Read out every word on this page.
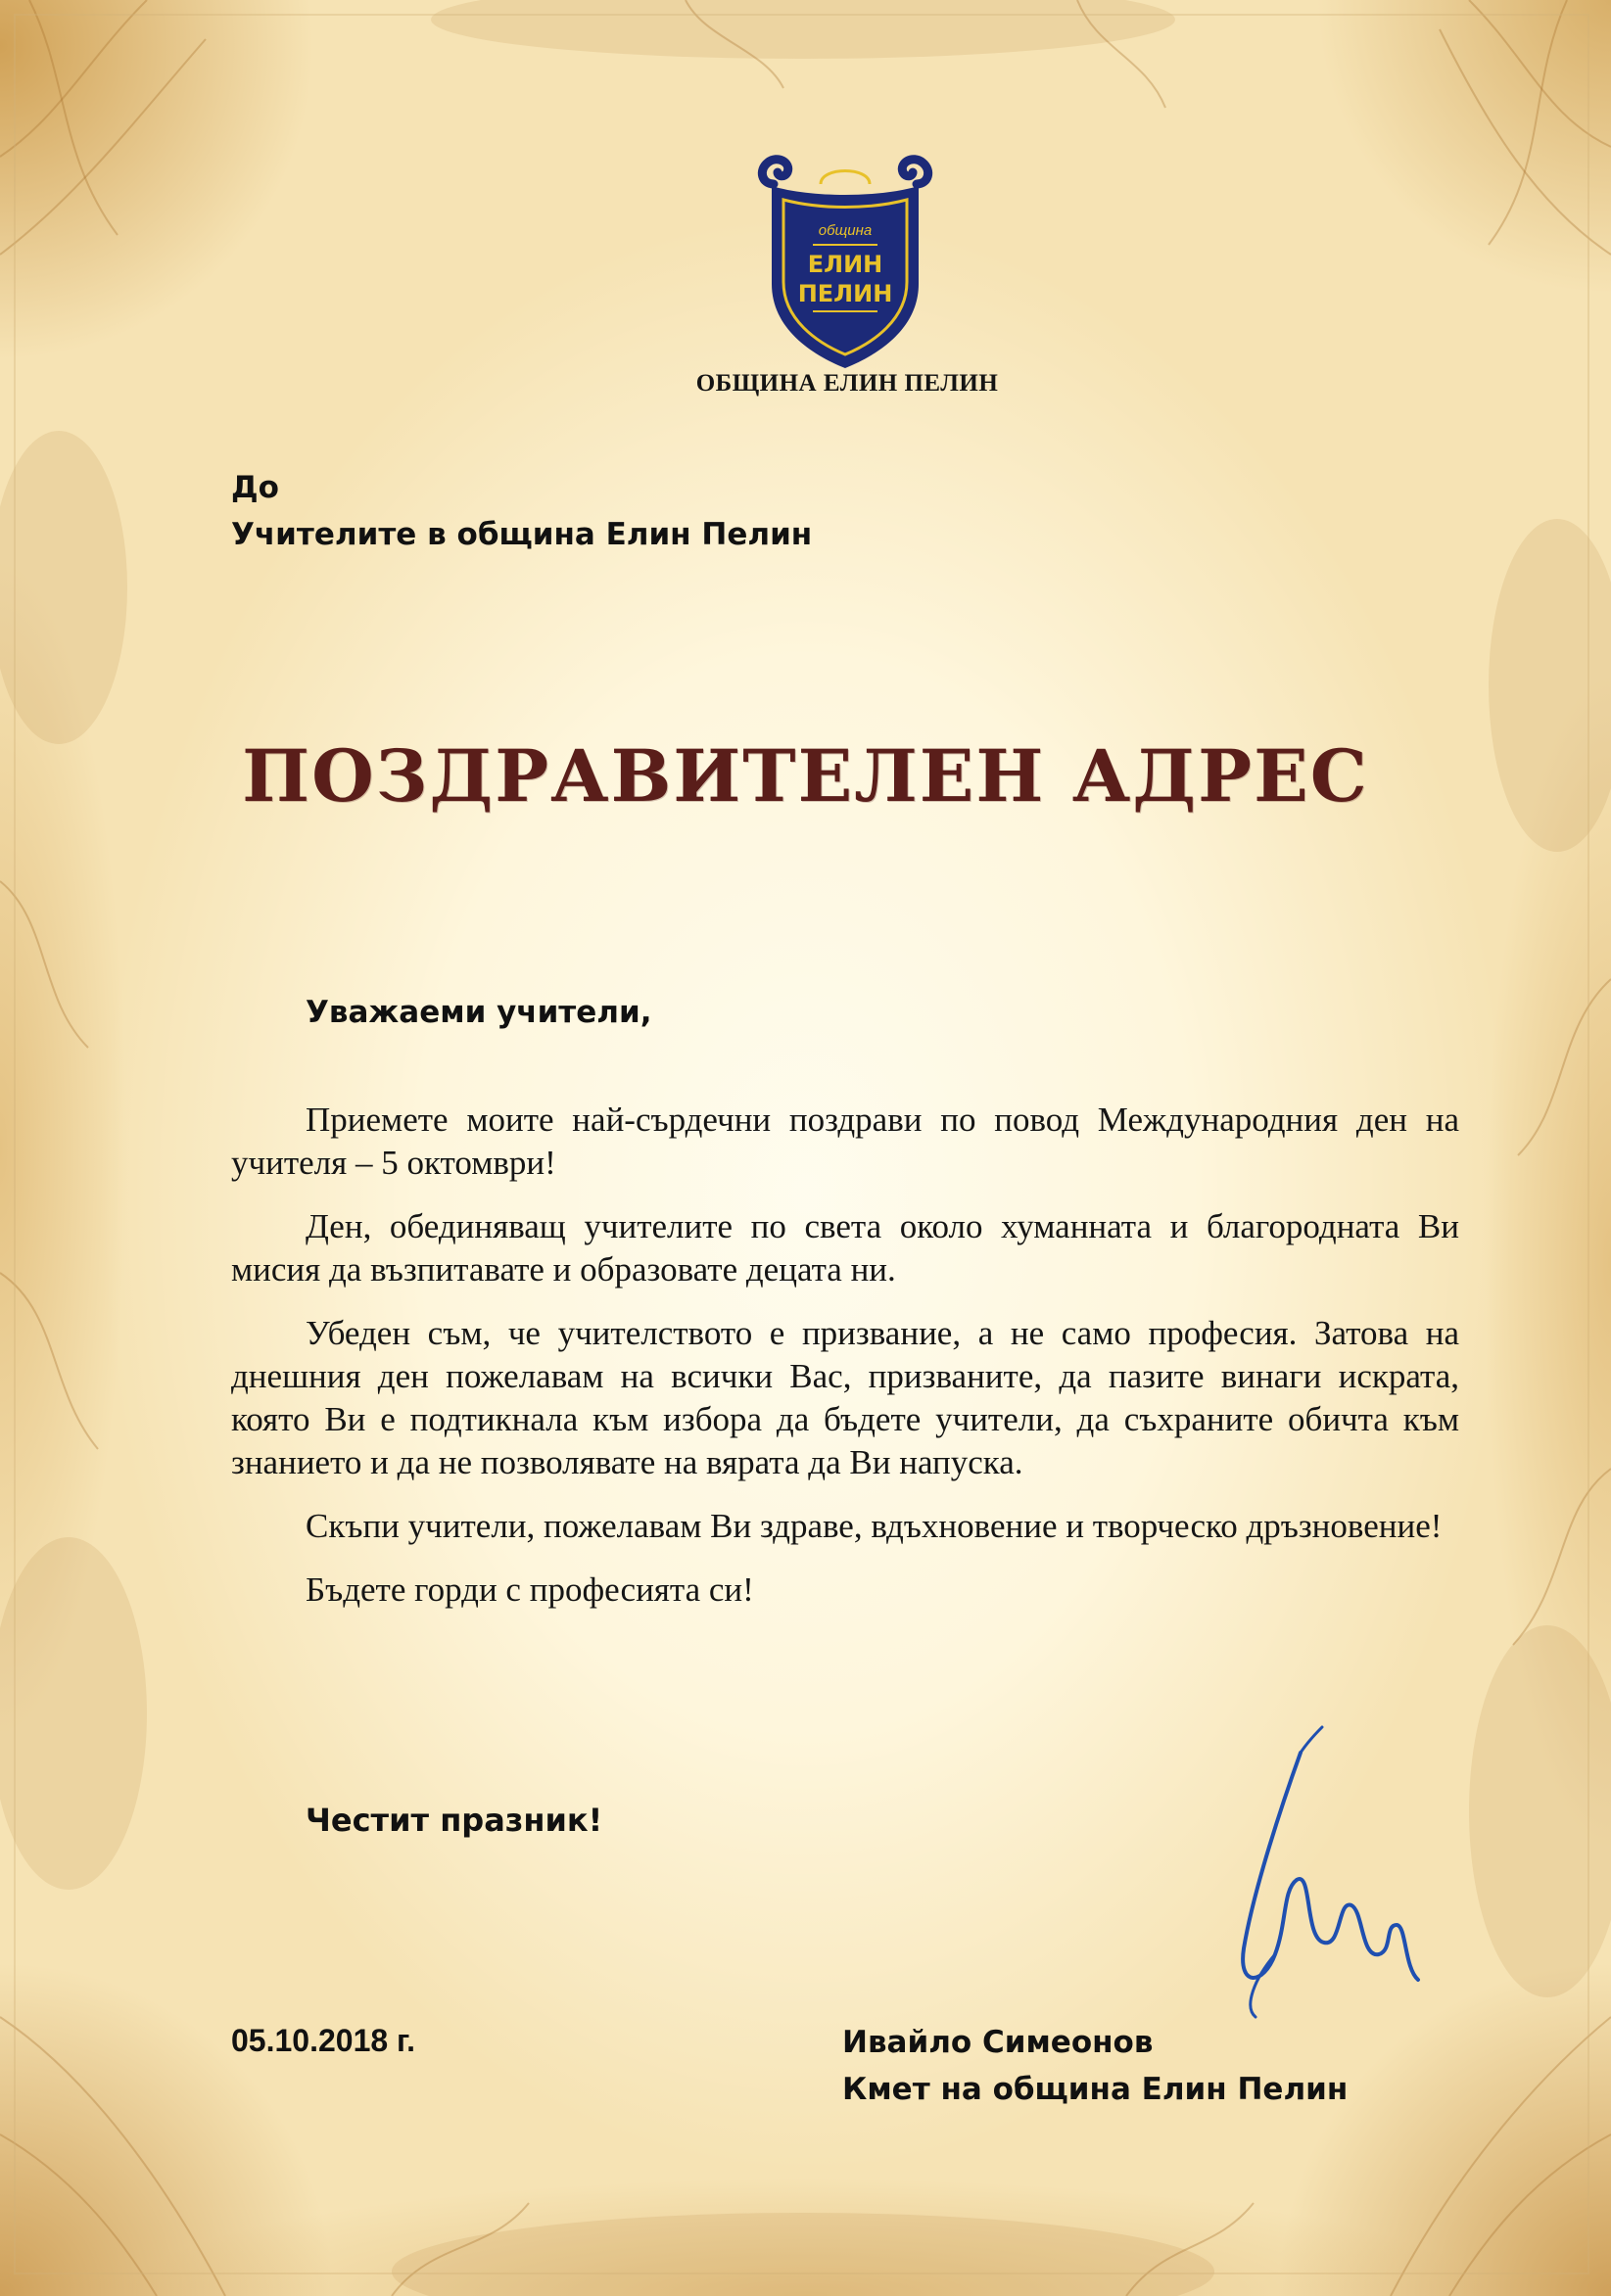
община
ЕЛИН
ПЕЛИН
ОБЩИНА ЕЛИН ПЕЛИН
До
Учителите в община Елин Пелин
ПОЗДРАВИТЕЛЕН АДРЕС
Уважаеми учители,

Приемете моите най-сърдечни поздрави по повод Международния ден на учителя – 5 октомври!

Ден, обединяващ учителите по света около хуманната и благородната Ви мисия да възпитавате и образовате децата ни.

Убеден съм, че учителството е призвание, а не само професия. Затова на днешния ден пожелавам на всички Вас, призваните, да пазите винаги искрата, която Ви е подтикнала към избора да бъдете учители, да съхраните обичта към знанието и да не позволявате на вярата да Ви напуска.

Скъпи учители, пожелавам Ви здраве, вдъхновение и творческо дръзновение!

Бъдете горди с професията си!

Честит празник!
05.10.2018 г.	Ивайло Симеонов
Кмет на община Елин Пелин
